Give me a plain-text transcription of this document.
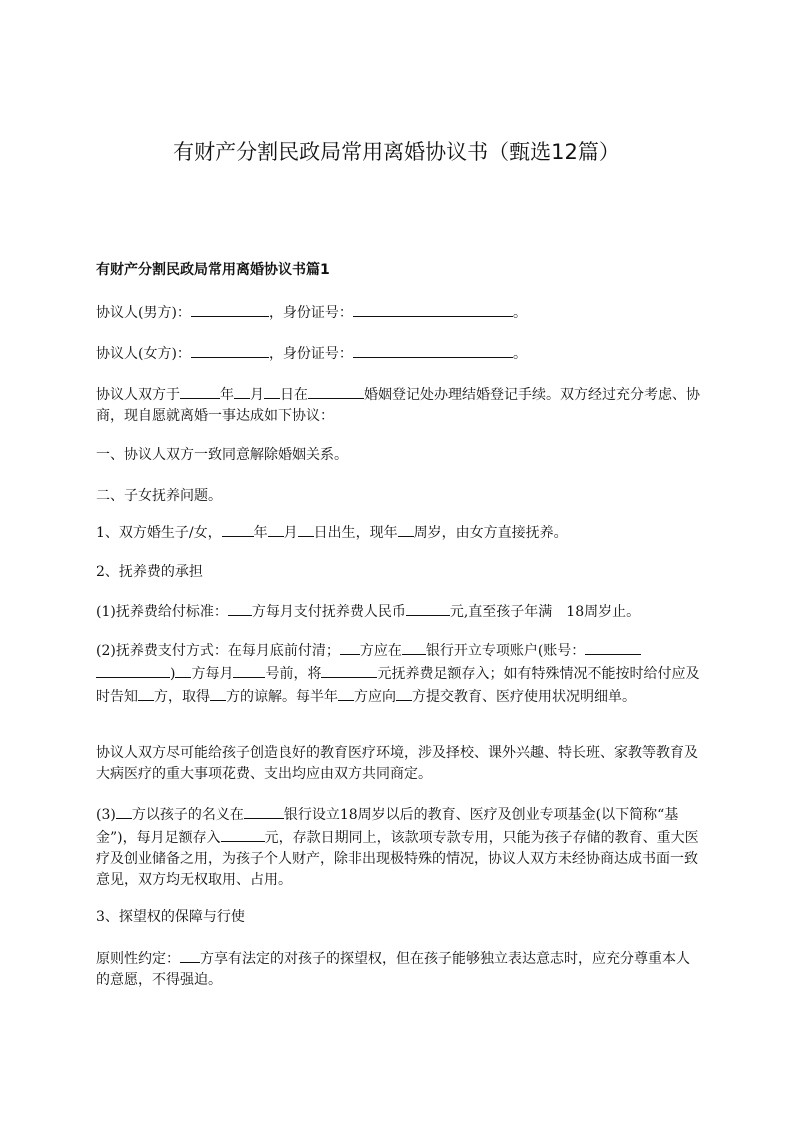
有财产分割民政局常用离婚协议书（甄选12篇）
有财产分割民政局常用离婚协议书篇1
协议人(男方)：	，身份证号：	。
协议人(女方)：	，身份证号：	。
协议人双方于	年 月 日在	婚姻登记处办理结婚登记手续。双方经过充分考虑、协商，现自愿就离婚一事达成如下协议：
一、协议人双方一致同意解除婚姻关系。
二、子女抚养问题。
1、双方婚生子/女， 年 月 日出生，现年 周岁，由女方直接抚养。
2、抚养费的承担
(1)抚养费给付标准： 方每月支付抚养费人民币	元,直至孩子年满　18周岁止。
(2)抚养费支付方式：在每月底前付清； 方应在 银行开立专项账户(账号：
) 方每月 号前，将	元抚养费足额存入；如有特殊情况不能按时给付应及时告知 方，取得 方的谅解。每半年 方应向 方提交教育、医疗使用状况明细单。
协议人双方尽可能给孩子创造良好的教育医疗环境，涉及择校、课外兴趣、特长班、家教等教育及大病医疗的重大事项花费、支出均应由双方共同商定。
(3) 方以孩子的名义在	银行设立18周岁以后的教育、医疗及创业专项基金(以下简称“基金”)，每月足额存入	元，存款日期同上，该款项专款专用，只能为孩子存储的教育、重大医疗及创业储备之用，为孩子个人财产，除非出现极特殊的情况，协议人双方未经协商达成书面一致意见，双方均无权取用、占用。
3、探望权的保障与行使
原则性约定： 方享有法定的对孩子的探望权，但在孩子能够独立表达意志时，应充分尊重本人的意愿，不得强迫。
